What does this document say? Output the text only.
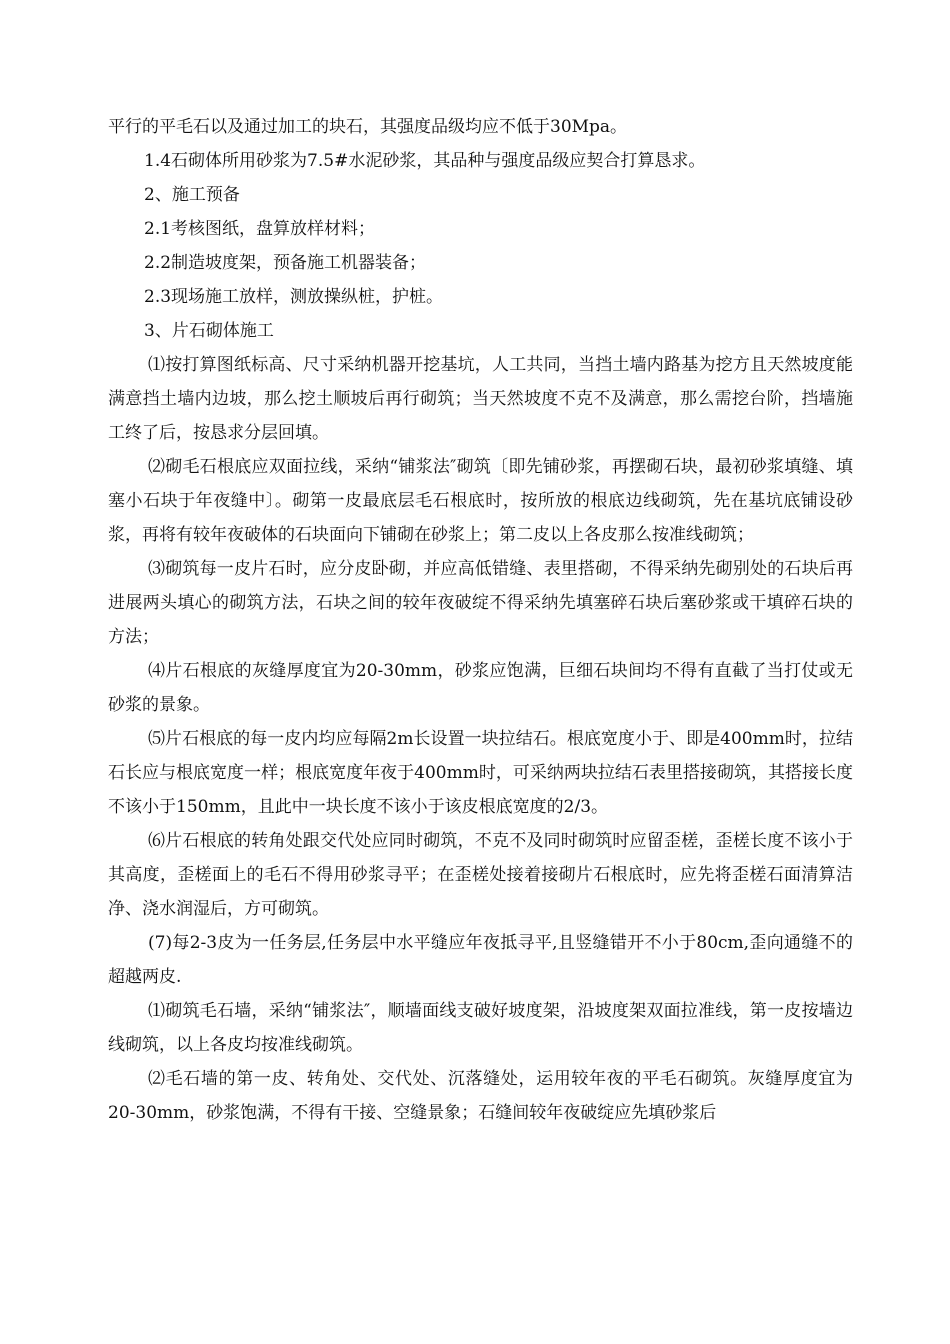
平行的平毛石以及通过加工的块石，其强度品级均应不低于30Mpa。

1.4石砌体所用砂浆为7.5#水泥砂浆，其品种与强度品级应契合打算恳求。

2、施工预备

2.1考核图纸，盘算放样材料；

2.2制造坡度架，预备施工机器装备；

2.3现场施工放样，测放操纵桩，护桩。

3、片石砌体施工

⑴按打算图纸标高、尺寸采纳机器开挖基坑，人工共同，当挡土墙内路基为挖方且天然坡度能满意挡土墙内边坡，那么挖土顺坡后再行砌筑；当天然坡度不克不及满意，那么需挖台阶，挡墙施工终了后，按恳求分层回填。

⑵砌毛石根底应双面拉线，采纳“铺浆法″砌筑〔即先铺砂浆，再摆砌石块，最初砂浆填缝、填塞小石块于年夜缝中〕。砌第一皮最底层毛石根底时，按所放的根底边线砌筑，先在基坑底铺设砂浆，再将有较年夜破体的石块面向下铺砌在砂浆上；第二皮以上各皮那么按准线砌筑；

⑶砌筑每一皮片石时，应分皮卧砌，并应高低错缝、表里搭砌，不得采纳先砌别处的石块后再进展两头填心的砌筑方法，石块之间的较年夜破绽不得采纳先填塞碎石块后塞砂浆或干填碎石块的方法；

⑷片石根底的灰缝厚度宜为20-30mm，砂浆应饱满，巨细石块间均不得有直截了当打仗或无砂浆的景象。

⑸片石根底的每一皮内均应每隔2m长设置一块拉结石。根底宽度小于、即是400mm时，拉结石长应与根底宽度一样；根底宽度年夜于400mm时，可采纳两块拉结石表里搭接砌筑，其搭接长度不该小于150mm，且此中一块长度不该小于该皮根底宽度的2/3。

⑹片石根底的转角处跟交代处应同时砌筑，不克不及同时砌筑时应留歪槎，歪槎长度不该小于其高度，歪槎面上的毛石不得用砂浆寻平；在歪槎处接着接砌片石根底时，应先将歪槎石面清算洁净、浇水润湿后，方可砌筑。

(7)每2-3皮为一任务层,任务层中水平缝应年夜抵寻平,且竖缝错开不小于80cm,歪向通缝不的超越两皮.

⑴砌筑毛石墙，采纳“铺浆法″，顺墙面线支破好坡度架，沿坡度架双面拉准线，第一皮按墙边线砌筑，以上各皮均按准线砌筑。

⑵毛石墙的第一皮、转角处、交代处、沉落缝处，运用较年夜的平毛石砌筑。灰缝厚度宜为20-30mm，砂浆饱满，不得有干接、空缝景象；石缝间较年夜破绽应先填砂浆后
